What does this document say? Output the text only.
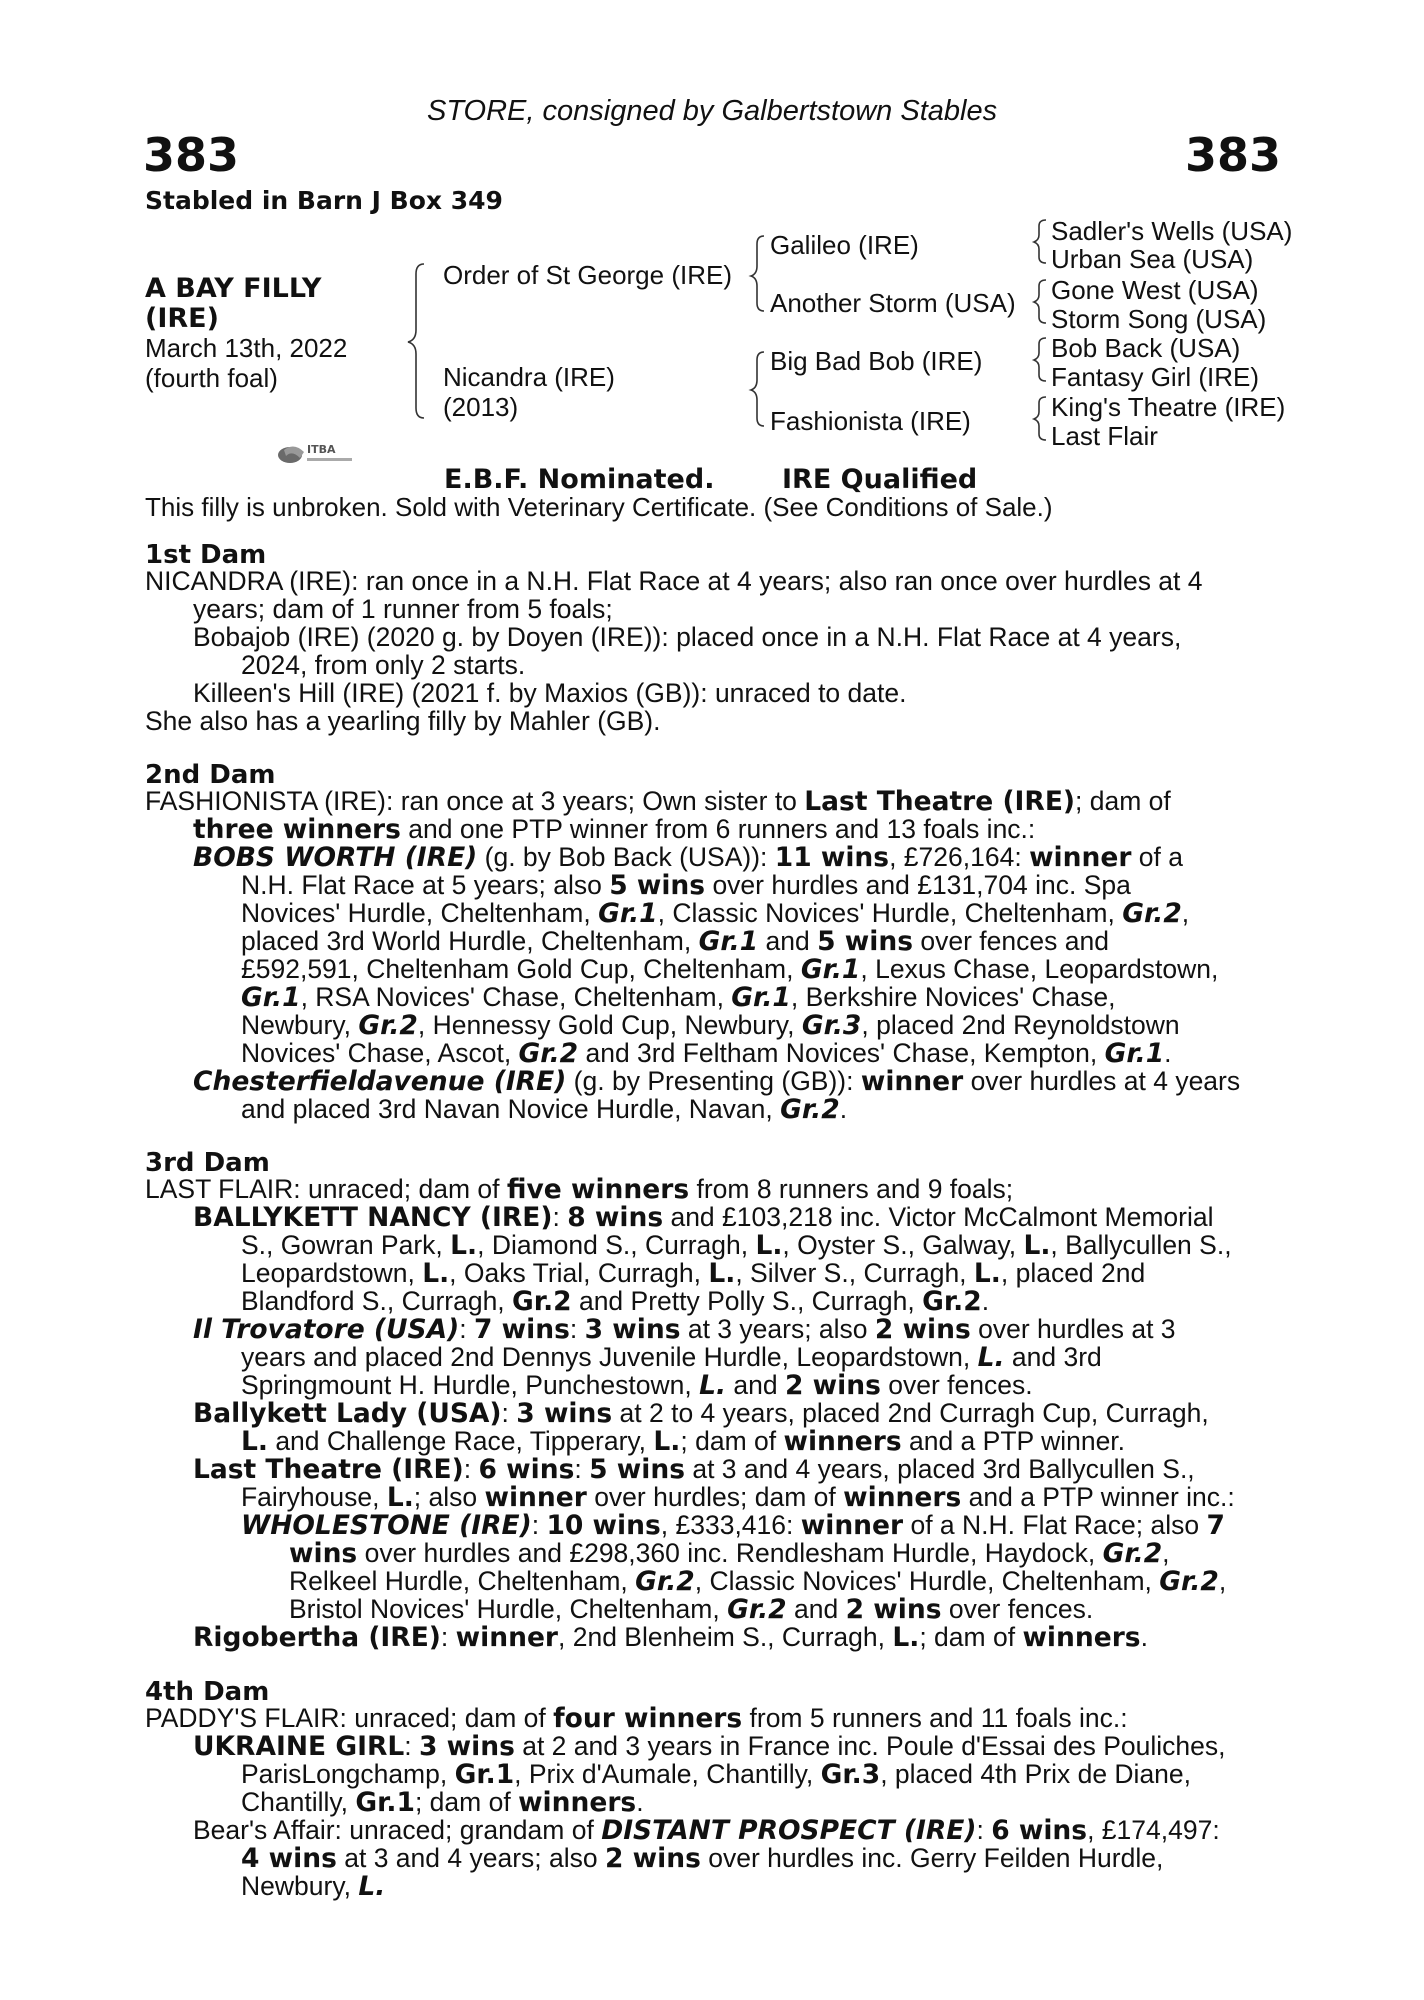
STORE, consigned by Galbertstown Stables
383	383
Stabled in Barn J Box 349
A BAY FILLY
(IRE)
March 13th, 2022
(fourth foal)
Order of St George (IRE)
Nicandra (IRE)
(2013)
Galileo (IRE)
Another Storm (USA)
Big Bad Bob (IRE)
Fashionista (IRE)
Sadler's Wells (USA)
Urban Sea (USA)
Gone West (USA)
Storm Song (USA)
Bob Back (USA)
Fantasy Girl (IRE)
King's Theatre (IRE)
Last Flair
ITBA
E.B.F. Nominated.	IRE Qualified
This filly is unbroken. Sold with Veterinary Certificate. (See Conditions of Sale.)
1st Dam
NICANDRA (IRE): ran once in a N.H. Flat Race at 4 years; also ran once over hurdles at 4
years; dam of 1 runner from 5 foals;
Bobajob (IRE) (2020 g. by Doyen (IRE)): placed once in a N.H. Flat Race at 4 years,
2024, from only 2 starts.
Killeen's Hill (IRE) (2021 f. by Maxios (GB)): unraced to date.
She also has a yearling filly by Mahler (GB).
2nd Dam
FASHIONISTA (IRE): ran once at 3 years; Own sister to Last Theatre (IRE); dam of
three winners and one PTP winner from 6 runners and 13 foals inc.:
BOBS WORTH (IRE) (g. by Bob Back (USA)): 11 wins, £726,164: winner of a
N.H. Flat Race at 5 years; also 5 wins over hurdles and £131,704 inc. Spa
Novices' Hurdle, Cheltenham, Gr.1, Classic Novices' Hurdle, Cheltenham, Gr.2,
placed 3rd World Hurdle, Cheltenham, Gr.1 and 5 wins over fences and
£592,591, Cheltenham Gold Cup, Cheltenham, Gr.1, Lexus Chase, Leopardstown,
Gr.1, RSA Novices' Chase, Cheltenham, Gr.1, Berkshire Novices' Chase,
Newbury, Gr.2, Hennessy Gold Cup, Newbury, Gr.3, placed 2nd Reynoldstown
Novices' Chase, Ascot, Gr.2 and 3rd Feltham Novices' Chase, Kempton, Gr.1.
Chesterfieldavenue (IRE) (g. by Presenting (GB)): winner over hurdles at 4 years
and placed 3rd Navan Novice Hurdle, Navan, Gr.2.
3rd Dam
LAST FLAIR: unraced; dam of five winners from 8 runners and 9 foals;
BALLYKETT NANCY (IRE): 8 wins and £103,218 inc. Victor McCalmont Memorial
S., Gowran Park, L., Diamond S., Curragh, L., Oyster S., Galway, L., Ballycullen S.,
Leopardstown, L., Oaks Trial, Curragh, L., Silver S., Curragh, L., placed 2nd
Blandford S., Curragh, Gr.2 and Pretty Polly S., Curragh, Gr.2.
Il Trovatore (USA): 7 wins: 3 wins at 3 years; also 2 wins over hurdles at 3
years and placed 2nd Dennys Juvenile Hurdle, Leopardstown, L. and 3rd
Springmount H. Hurdle, Punchestown, L. and 2 wins over fences.
Ballykett Lady (USA): 3 wins at 2 to 4 years, placed 2nd Curragh Cup, Curragh,
L. and Challenge Race, Tipperary, L.; dam of winners and a PTP winner.
Last Theatre (IRE): 6 wins: 5 wins at 3 and 4 years, placed 3rd Ballycullen S.,
Fairyhouse, L.; also winner over hurdles; dam of winners and a PTP winner inc.:
WHOLESTONE (IRE): 10 wins, £333,416: winner of a N.H. Flat Race; also 7
wins over hurdles and £298,360 inc. Rendlesham Hurdle, Haydock, Gr.2,
Relkeel Hurdle, Cheltenham, Gr.2, Classic Novices' Hurdle, Cheltenham, Gr.2,
Bristol Novices' Hurdle, Cheltenham, Gr.2 and 2 wins over fences.
Rigobertha (IRE): winner, 2nd Blenheim S., Curragh, L.; dam of winners.
4th Dam
PADDY'S FLAIR: unraced; dam of four winners from 5 runners and 11 foals inc.:
UKRAINE GIRL: 3 wins at 2 and 3 years in France inc. Poule d'Essai des Pouliches,
ParisLongchamp, Gr.1, Prix d'Aumale, Chantilly, Gr.3, placed 4th Prix de Diane,
Chantilly, Gr.1; dam of winners.
Bear's Affair: unraced; grandam of DISTANT PROSPECT (IRE): 6 wins, £174,497:
4 wins at 3 and 4 years; also 2 wins over hurdles inc. Gerry Feilden Hurdle,
Newbury, L.
